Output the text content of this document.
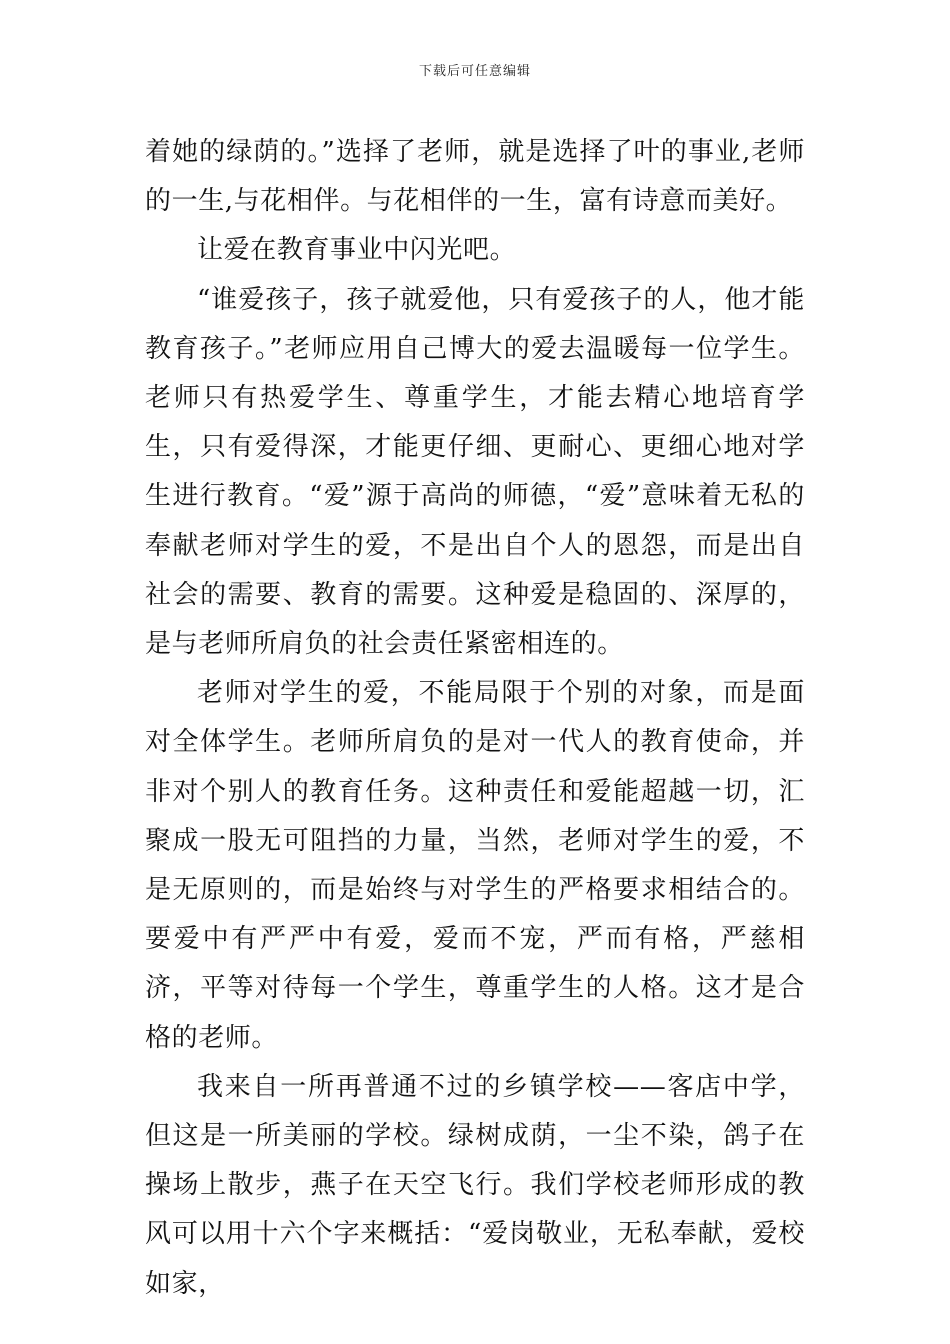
下载后可任意编辑

着她的绿荫的。”选择了老师，就是选择了叶的事业,老师的一生,与花相伴。与花相伴的一生，富有诗意而美好。

让爱在教育事业中闪光吧。

“谁爱孩子，孩子就爱他，只有爱孩子的人，他才能教育孩子。”老师应用自己博大的爱去温暖每一位学生。老师只有热爱学生、尊重学生，才能去精心地培育学生，只有爱得深，才能更仔细、更耐心、更细心地对学生进行教育。“爱”源于高尚的师德，“爱”意味着无私的奉献老师对学生的爱，不是出自个人的恩怨，而是出自社会的需要、教育的需要。这种爱是稳固的、深厚的，是与老师所肩负的社会责任紧密相连的。

老师对学生的爱，不能局限于个别的对象，而是面对全体学生。老师所肩负的是对一代人的教育使命，并非对个别人的教育任务。这种责任和爱能超越一切，汇聚成一股无可阻挡的力量，当然，老师对学生的爱，不是无原则的，而是始终与对学生的严格要求相结合的。要爱中有严严中有爱，爱而不宠，严而有格，严慈相济，平等对待每一个学生，尊重学生的人格。这才是合格的老师。

我来自一所再普通不过的乡镇学校——客店中学，但这是一所美丽的学校。绿树成荫，一尘不染，鸽子在操场上散步，燕子在天空飞行。我们学校老师形成的教风可以用十六个字来概括：“爱岗敬业，无私奉献，爱校如家，
